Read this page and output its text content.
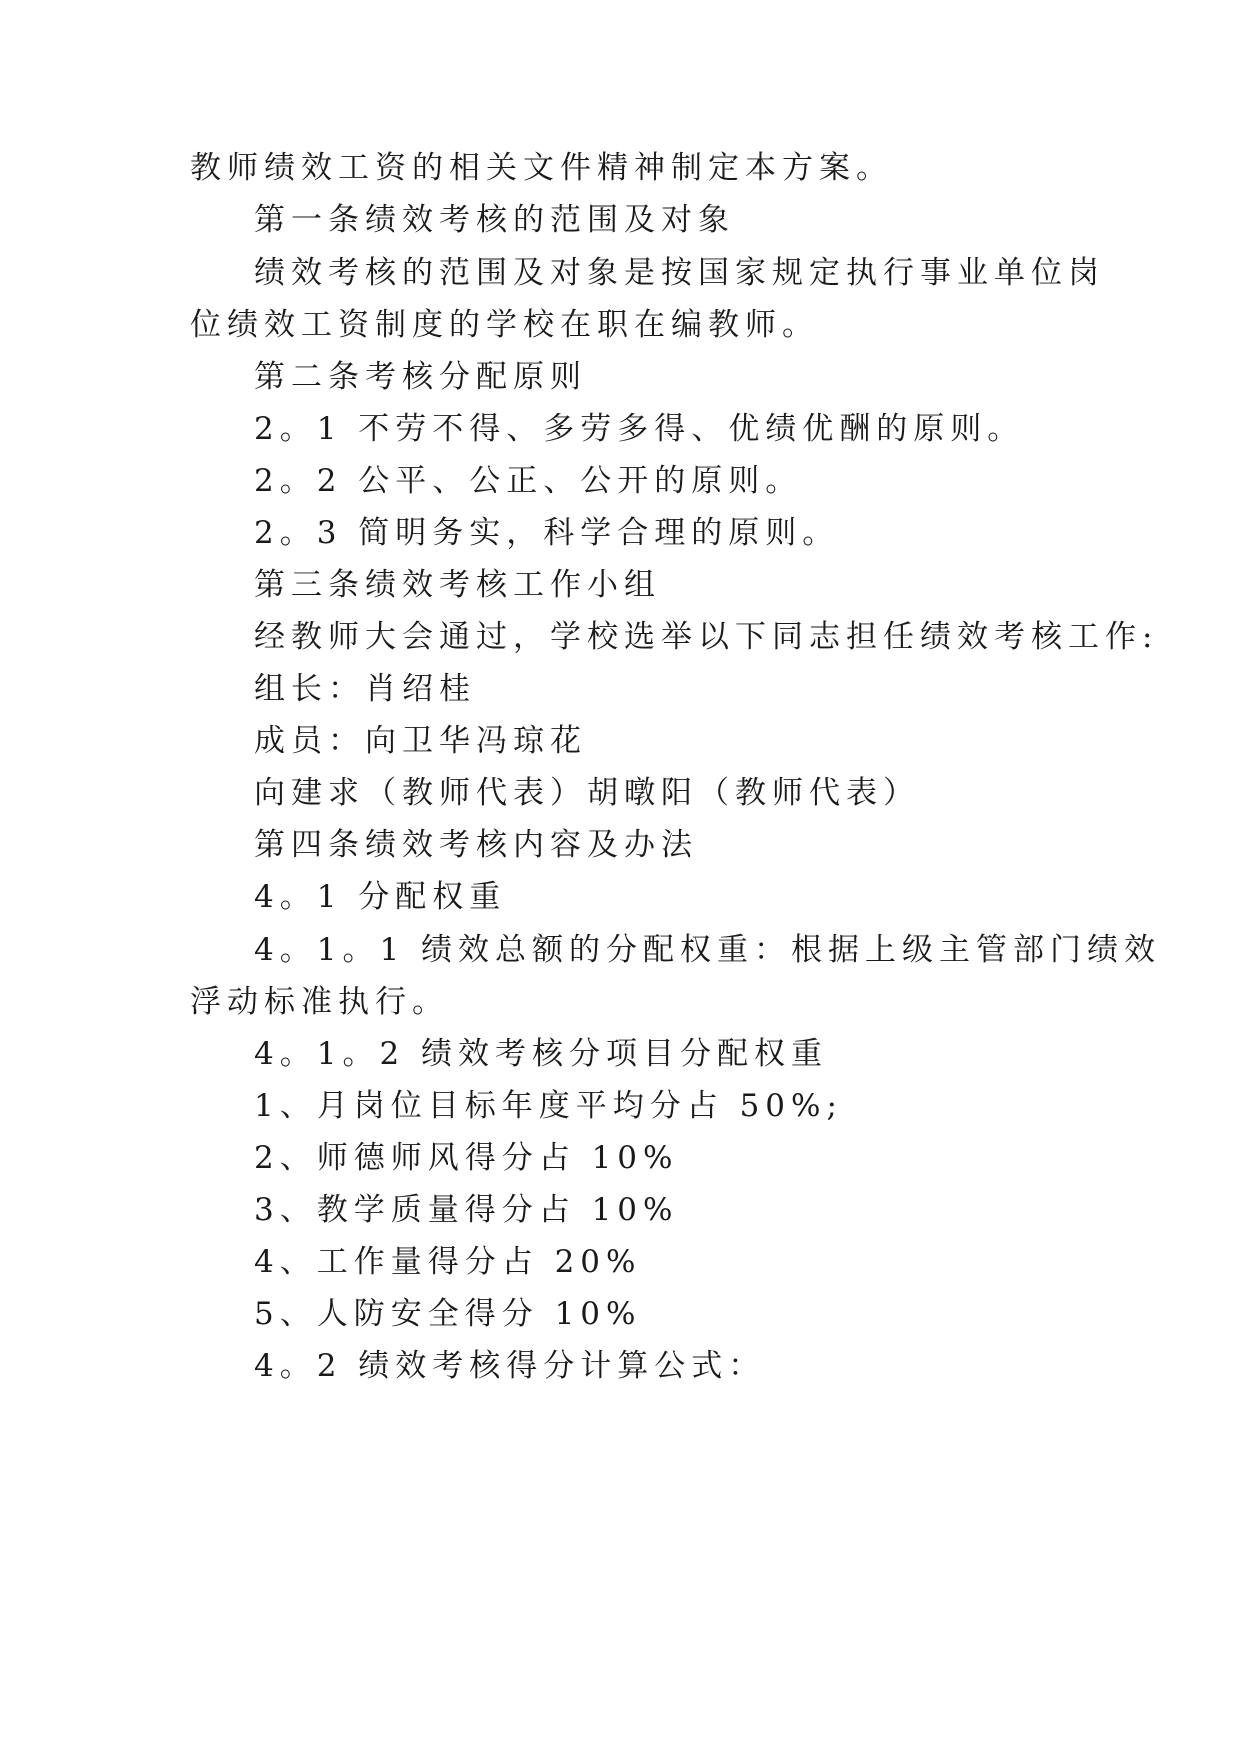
教师绩效工资的相关文件精神制定本方案。
第一条绩效考核的范围及对象
绩效考核的范围及对象是按国家规定执行事业单位岗
位绩效工资制度的学校在职在编教师。
第二条考核分配原则
2。1 不劳不得、多劳多得、优绩优酬的原则。
2。2 公平、公正、公开的原则。
2。3 简明务实，科学合理的原则。
第三条绩效考核工作小组
经教师大会通过，学校选举以下同志担任绩效考核工作:
组长：肖绍桂
成员：向卫华冯琼花
向建求（教师代表）胡暾阳（教师代表）
第四条绩效考核内容及办法
4。1 分配权重
4。1。1 绩效总额的分配权重：根据上级主管部门绩效
浮动标准执行。
4。1。2 绩效考核分项目分配权重
1、月岗位目标年度平均分占 50%;
2、师德师风得分占 10%
3、教学质量得分占 10%
4、工作量得分占 20%
5、人防安全得分 10%
4。2 绩效考核得分计算公式：
